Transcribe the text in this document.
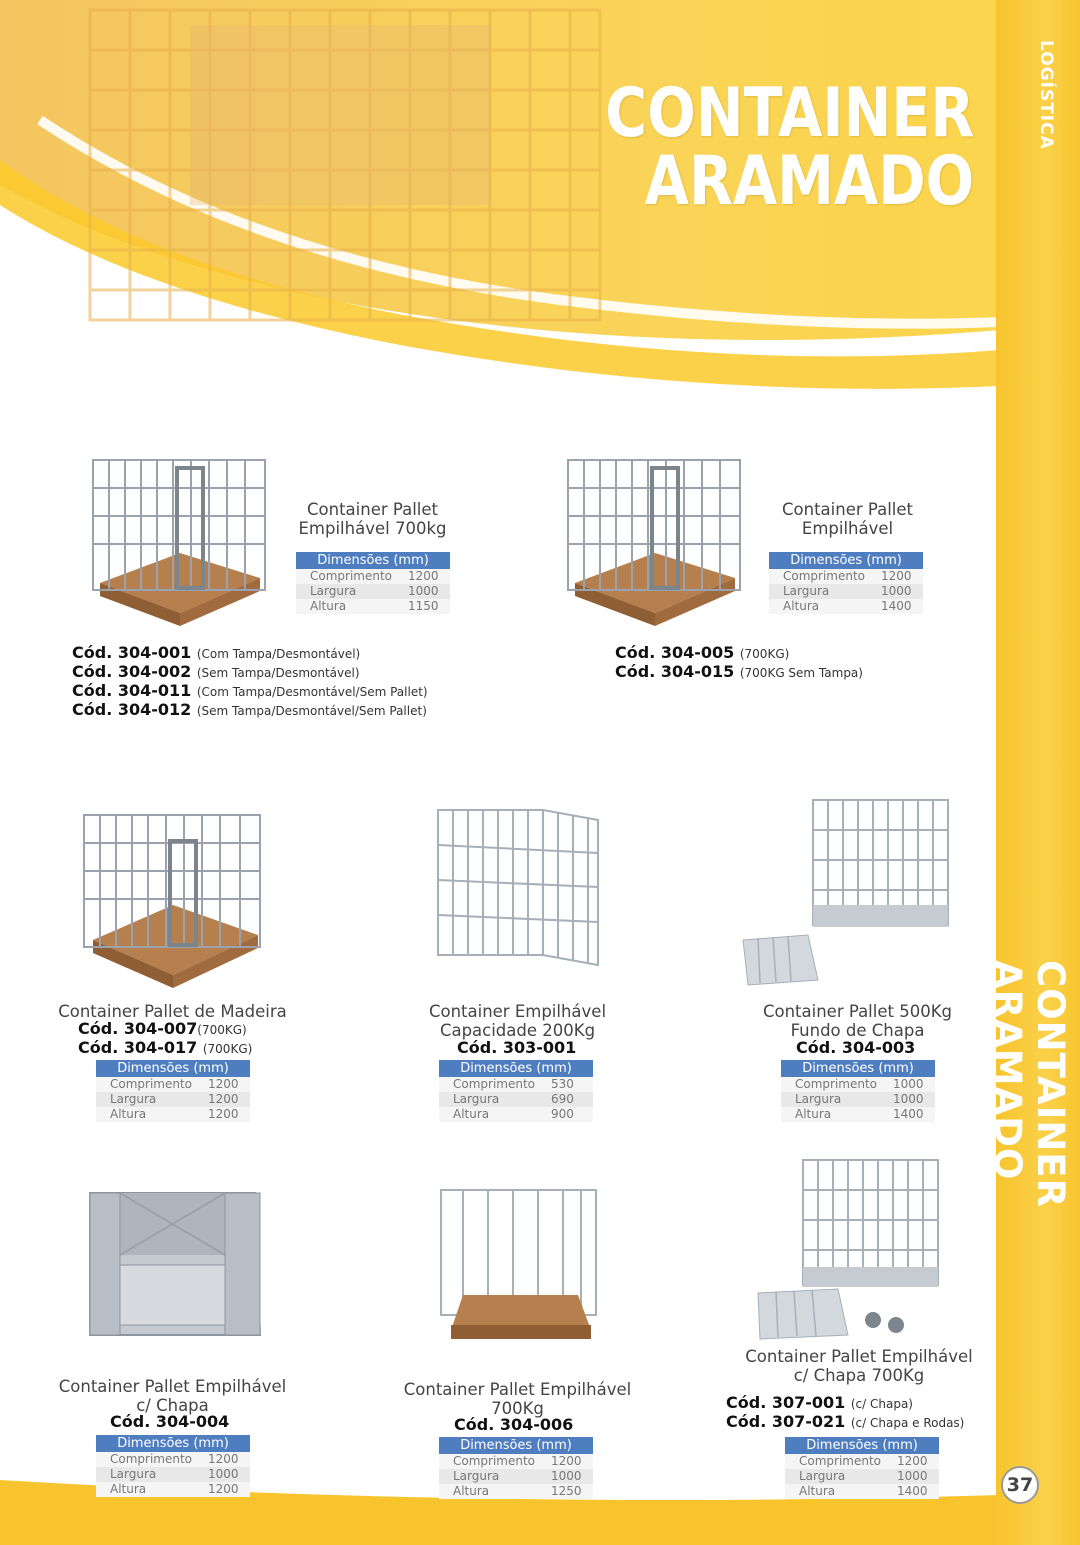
LOGÍSTICA
CONTAINER ARAMADO
37
CONTAINER
ARAMADO
Container Pallet
Empilhável 700kg
Dimensões (mm)
Comprimento	1200
Largura	1000
Altura	1150
Cód. 304-001 (Com Tampa/Desmontável)
Cód. 304-002 (Sem Tampa/Desmontável)
Cód. 304-011 (Com Tampa/Desmontável/Sem Pallet)
Cód. 304-012 (Sem Tampa/Desmontável/Sem Pallet)
Container Pallet
Empilhável
Dimensões (mm)
Comprimento	1200
Largura	1000
Altura	1400
Cód. 304-005 (700KG)
Cód. 304-015 (700KG Sem Tampa)
Container Pallet de Madeira
Cód. 304-007(700KG)
Cód. 304-017 (700KG)
Dimensões (mm)
Comprimento	1200
Largura	1200
Altura	1200
Container Empilhável
Capacidade 200Kg
Cód. 303-001
Dimensões (mm)
Comprimento	530
Largura	690
Altura	900
Container Pallet 500Kg
Fundo de Chapa
Cód. 304-003
Dimensões (mm)
Comprimento	1000
Largura	1000
Altura	1400
Container Pallet Empilhável
c/ Chapa
Cód. 304-004
Dimensões (mm)
Comprimento	1200
Largura	1000
Altura	1200
Container Pallet Empilhável
700Kg
Cód. 304-006
Dimensões (mm)
Comprimento	1200
Largura	1000
Altura	1250
Container Pallet Empilhável
c/ Chapa 700Kg
Cód. 307-001 (c/ Chapa)
Cód. 307-021 (c/ Chapa e Rodas)
Dimensões (mm)
Comprimento	1200
Largura	1000
Altura	1400
